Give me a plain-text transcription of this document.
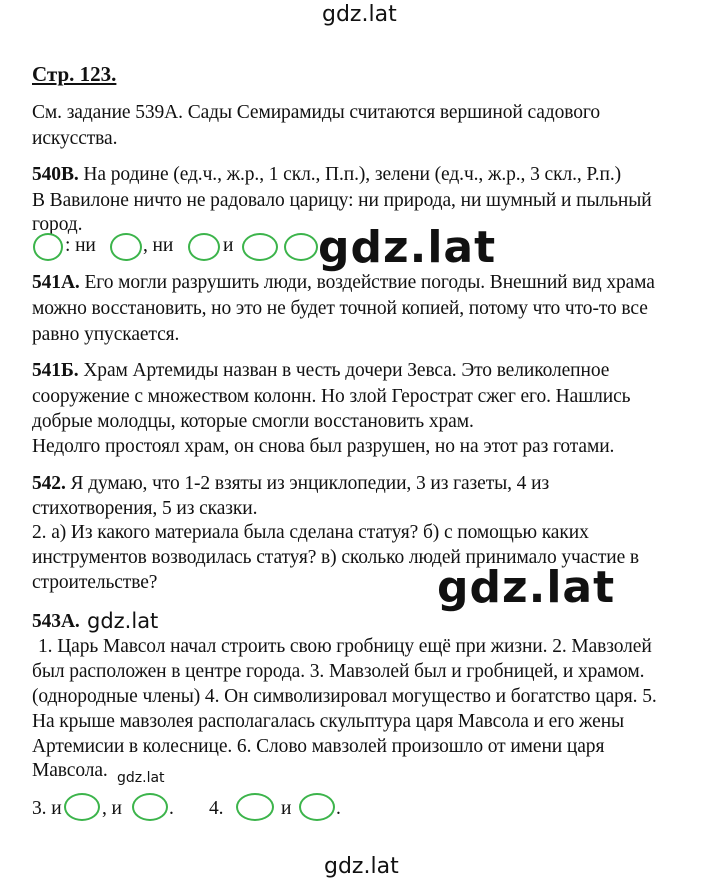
gdz.lat
gdz.lat
gdz.lat
gdz.lat
gdz.lat
gdz.lat
Стр. 123.
См. задание 539А. Сады Семирамиды считаются вершиной садового
искусства.
540В. На родине (ед.ч., ж.р., 1 скл., П.п.), зелени (ед.ч., ж.р., 3 скл., Р.п.)
В Вавилоне ничто не радовало царицу: ни природа, ни шумный и пыльный
город.
: ни , ни	и
541А. Его могли разрушить люди, воздействие погоды. Внешний вид храма
можно восстановить, но это не будет точной копией, потому что что-то все
равно упускается.
541Б. Храм Артемиды назван в честь дочери Зевса. Это великолепное
сооружение с множеством колонн. Но злой Герострат сжег его. Нашлись
добрые молодцы, которые смогли восстановить храм.
Недолго простоял храм, он снова был разрушен, но на этот раз готами.
542. Я думаю, что 1-2 взяты из энциклопедии, 3 из газеты, 4 из
стихотворения, 5 из сказки.
2. а) Из какого материала была сделана статуя? б) с помощью каких
инструментов возводилась статуя? в) сколько людей принимало участие в
строительстве?
543А.
1. Царь Мавсол начал строить свою гробницу ещё при жизни. 2. Мавзолей
был расположен в центре города. 3. Мавзолей был и гробницей, и храмом.
(однородные члены) 4. Он символизировал могущество и богатство царя. 5.
На крыше мавзолея располагалась скульптура царя Мавсола и его жены
Артемисии в колеснице. 6. Слово мавзолей произошло от имени царя
Мавсола.
3. и , и . 4.	и .
